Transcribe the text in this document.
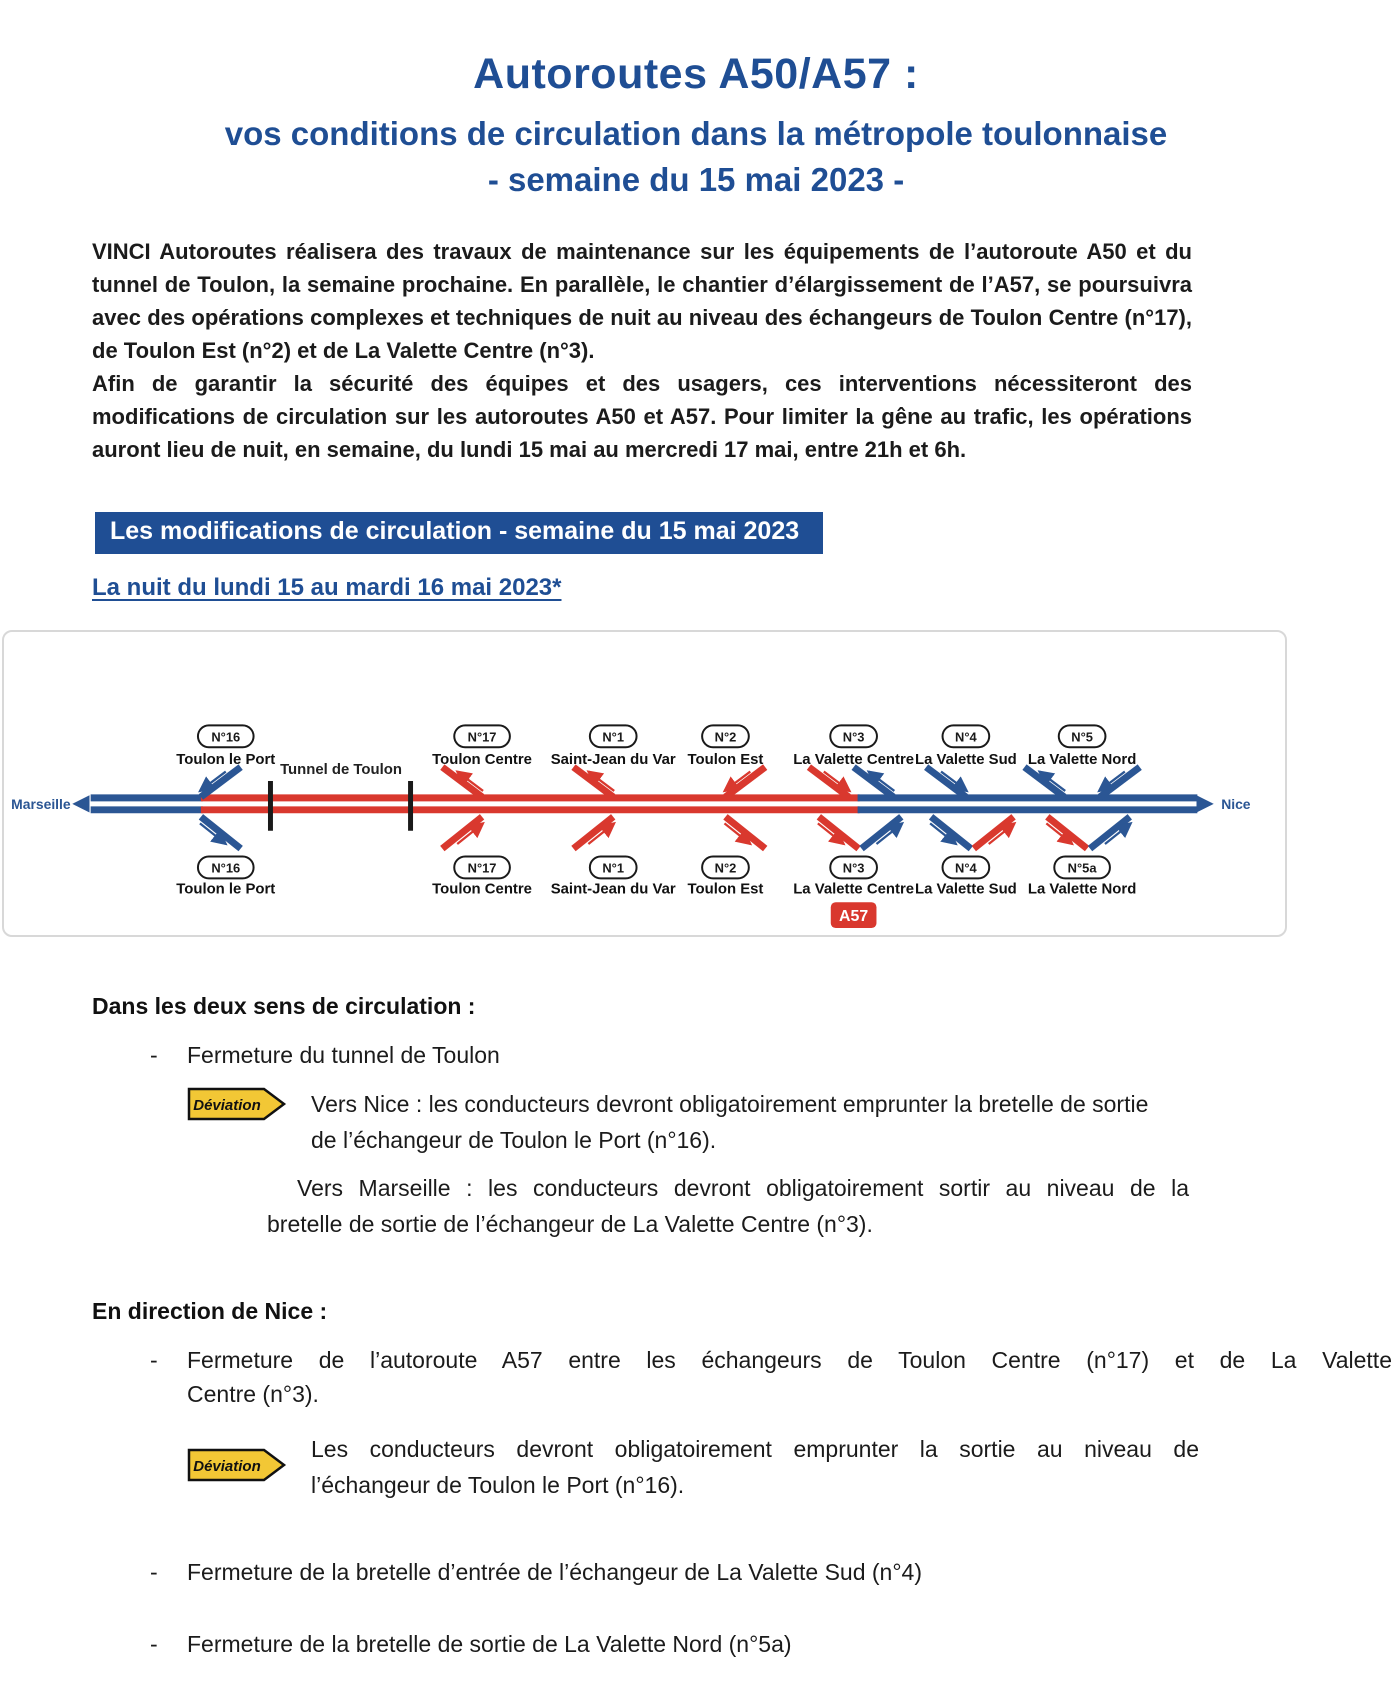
Autoroutes A50/A57 :
vos conditions de circulation dans la métropole toulonnaise
- semaine du 15 mai 2023 -

VINCI Autoroutes réalisera des travaux de maintenance sur les équipements de l’autoroute A50 et du tunnel de Toulon, la semaine prochaine. En parallèle, le chantier d’élargissement de l’A57, se poursuivra avec des opérations complexes et techniques de nuit au niveau des échangeurs de Toulon Centre (n°17), de Toulon Est (n°2) et de La Valette Centre (n°3).

Afin de garantir la sécurité des équipes et des usagers, ces interventions nécessiteront des modifications de circulation sur les autoroutes A50 et A57. Pour limiter la gêne au trafic, les opérations auront lieu de nuit, en semaine, du lundi 15 mai au mercredi 17 mai, entre 21h et 6h.

Les modifications de circulation - semaine du 15 mai 2023
La nuit du lundi 15 au mardi 16 mai 2023*
Marseille	Nice
Tunnel de Toulon
N°16
Toulon le Port
N°16
Toulon le Port
N°17
Toulon Centre
N°17
Toulon Centre
N°1
Saint-Jean du Var
N°1
Saint-Jean du Var
N°2
Toulon Est
N°2
Toulon Est
N°3
La Valette Centre
N°3
La Valette Centre
N°4
La Valette Sud
N°4
La Valette Sud
N°5
La Valette Nord
N°5a
La Valette Nord
A57
Dans les deux sens de circulation :
-	Fermeture du tunnel de Toulon
Déviation Vers Nice : les conducteurs devront obligatoirement emprunter la bretelle de sortie
de l’échangeur de Toulon le Port (n°16).
Vers Marseille : les conducteurs devront obligatoirement sortir au niveau de la
bretelle de sortie de l’échangeur de La Valette Centre (n°3).
En direction de Nice :
-	Fermeture de l’autoroute A57 entre les échangeurs de Toulon Centre (n°17) et de La Valette
Centre (n°3).
Déviation
Les conducteurs devront obligatoirement emprunter la sortie au niveau de
l’échangeur de Toulon le Port (n°16).
-	Fermeture de la bretelle d’entrée de l’échangeur de La Valette Sud (n°4)
-	Fermeture de la bretelle de sortie de La Valette Nord (n°5a)
